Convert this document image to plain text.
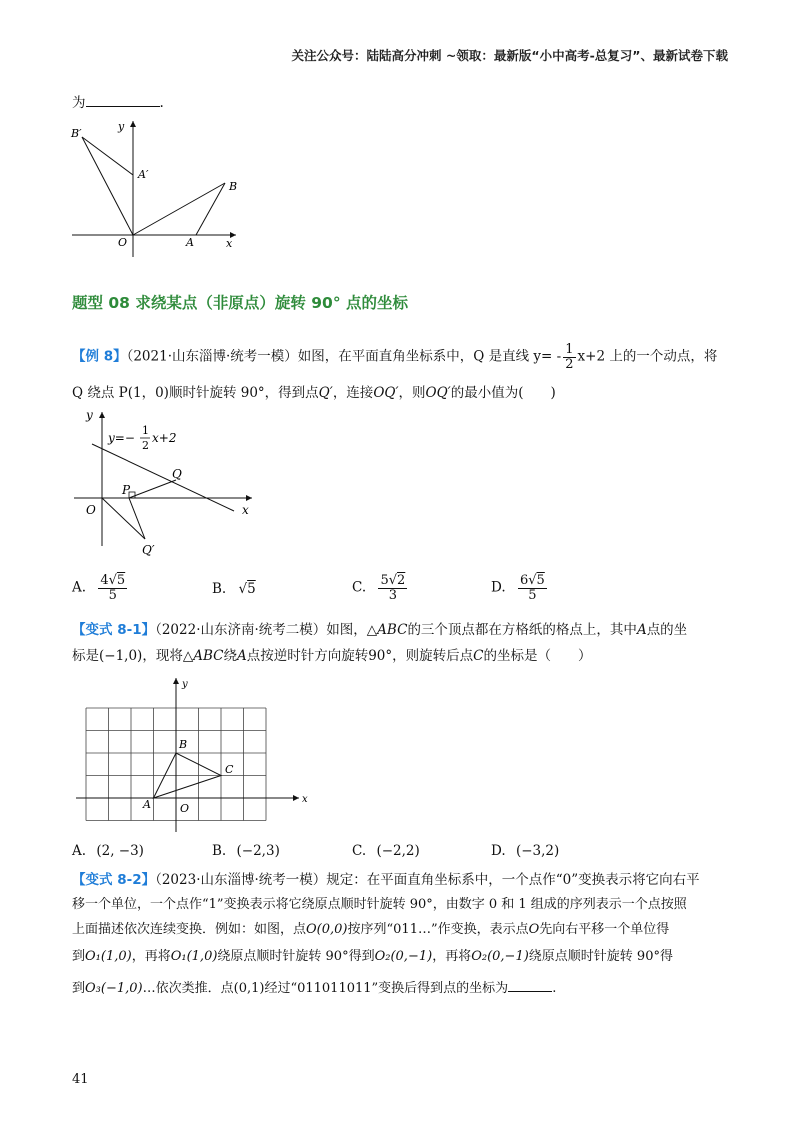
关注公众号：陆陆高分冲刺 ~领取：最新版“小中高考-总复习”、最新试卷下载
为	.
B′
A′
B
A
O	x
y
题型 08 求绕某点（非原点）旋转 90° 点的坐标
【例 8】（2021·山东淄博·统考一模）如图，在平面直角坐标系中，Q 是直线 $y= - \frac{1}{2} x+2$ 上的一个动点，将
Q 绕点 P(1，0)顺时针旋转 90°，得到点Q′，连接OQ′，则OQ′的最小值为(　　)
y
x
O
P
Q
Q′
y=−
1
2
x+2
A. $\frac{4√5}{5}$	B. √5	C. $\frac{5√2}{3}$	D. $\frac{6√5}{5}$
【变式 8-1】（2022·山东济南·统考二模）如图，△ABC的三个顶点都在方格纸的格点上，其中A点的坐
标是(−1,0)，现将△ABC绕A点按逆时针方向旋转90°，则旋转后点C的坐标是（　　）
y
x
A
B
C
O
A. (2, −3)	B. (−2,3)	C. (−2,2)	D. (−3,2)
【变式 8-2】（2023·山东淄博·统考一模）规定：在平面直角坐标系中，一个点作“0”变换表示将它向右平
移一个单位，一个点作“1”变换表示将它绕原点顺时针旋转 90°，由数字 0 和 1 组成的序列表示一个点按照
上面描述依次连续变换．例如：如图，点O(0,0)按序列“011…”作变换，表示点O先向右平移一个单位得
到O₁(1,0)，再将O₁(1,0)绕原点顺时针旋转 90°得到O₂(0,−1)，再将O₂(0,−1)绕原点顺时针旋转 90°得
到O₃(−1,0)…依次类推．点(0,1)经过“011011011”变换后得到点的坐标为	.
41
